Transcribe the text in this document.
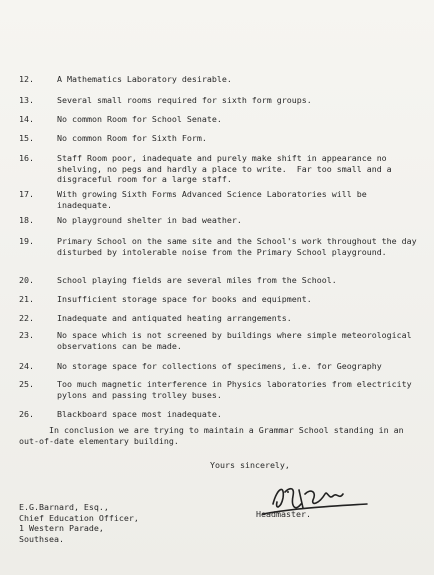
12.	A Mathematics Laboratory desirable.
13.	Several small rooms required for sixth form groups.
14.	No common Room for School Senate.
15.	No common Room for Sixth Form.
16.	Staff Room poor, inadequate and purely make shift in appearance no shelving, no pegs and hardly a place to write.  Far too small and a disgraceful room for a large staff.
17.	With growing Sixth Forms Advanced Science Laboratories will be inadequate.
18.	No playground shelter in bad weather.
19.	Primary School on the same site and the School's work throughout the day disturbed by intolerable noise from the Primary School playground.
20.	School playing fields are several miles from the School.
21.	Insufficient storage space for books and equipment.
22.	Inadequate and antiquated heating arrangements.
23.	No space which is not screened by buildings where simple meteorological observations can be made.
24.	No storage space for collections of specimens, i.e. for Geography
25.	Too much magnetic interference in Physics laboratories from electricity pylons and passing trolley buses.
26.	Blackboard space most inadequate.
In conclusion we are trying to maintain a Grammar School standing in an out-of-date elementary building.
Yours sincerely,
Headmaster.
E.G.Barnard, Esq.,
Chief Education Officer,
1 Western Parade,
Southsea.
